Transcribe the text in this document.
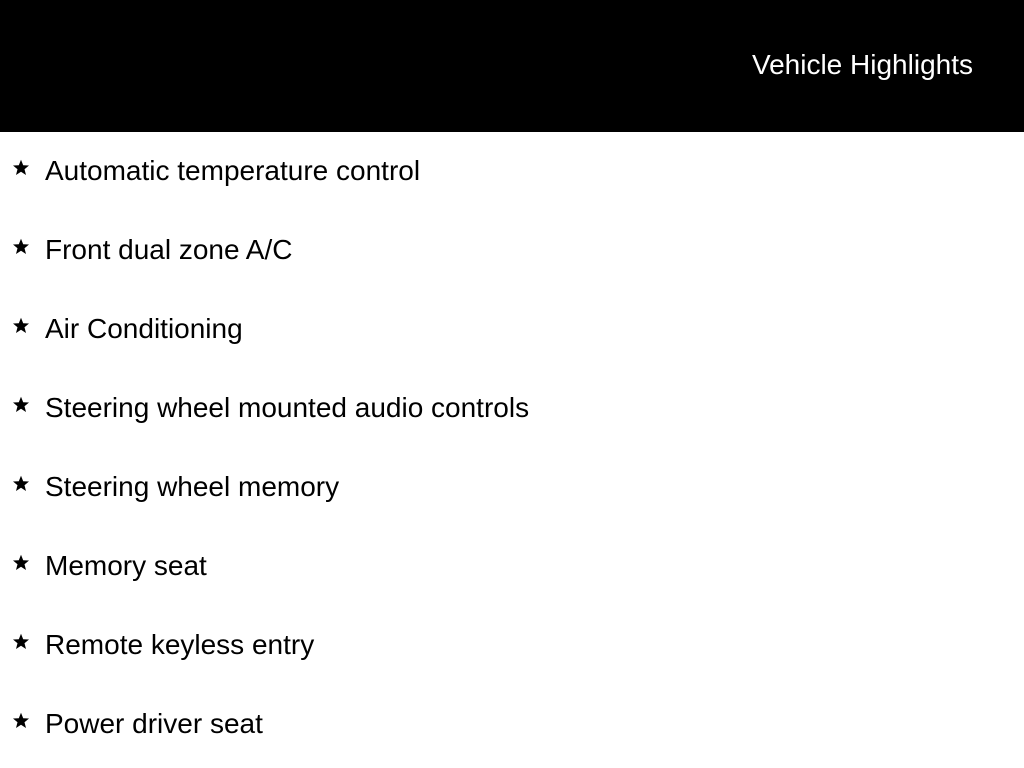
Vehicle Highlights
Automatic temperature control
Front dual zone A/C
Air Conditioning
Steering wheel mounted audio controls
Steering wheel memory
Memory seat
Remote keyless entry
Power driver seat
